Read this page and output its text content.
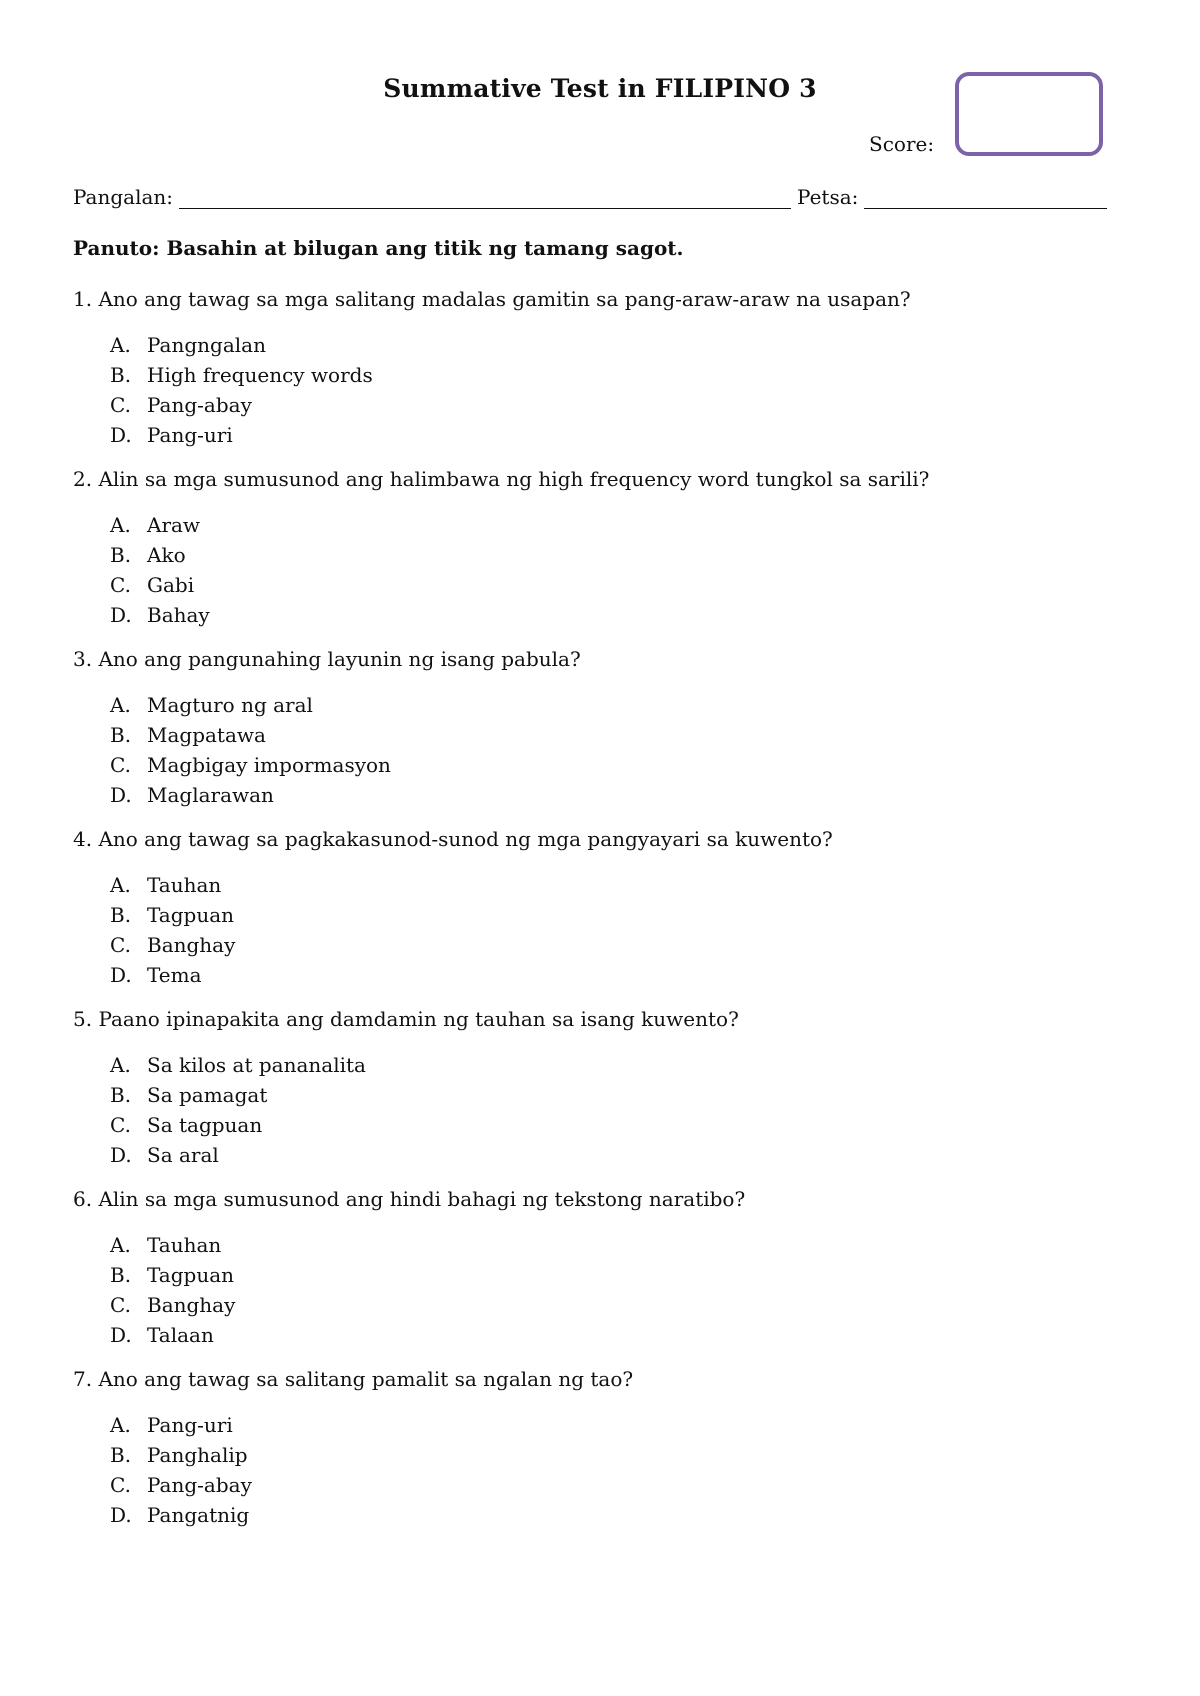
Summative Test in FILIPINO 3
Score:
Pangalan:	Petsa:
Panuto: Basahin at bilugan ang titik ng tamang sagot.
1. Ano ang tawag sa mga salitang madalas gamitin sa pang-araw-araw na usapan?
A. Pangngalan
B. High frequency words
C. Pang-abay
D. Pang-uri
2. Alin sa mga sumusunod ang halimbawa ng high frequency word tungkol sa sarili?
A. Araw
B. Ako
C. Gabi
D. Bahay
3. Ano ang pangunahing layunin ng isang pabula?
A. Magturo ng aral
B. Magpatawa
C. Magbigay impormasyon
D. Maglarawan
4. Ano ang tawag sa pagkakasunod-sunod ng mga pangyayari sa kuwento?
A. Tauhan
B. Tagpuan
C. Banghay
D. Tema
5. Paano ipinapakita ang damdamin ng tauhan sa isang kuwento?
A. Sa kilos at pananalita
B. Sa pamagat
C. Sa tagpuan
D. Sa aral
6. Alin sa mga sumusunod ang hindi bahagi ng tekstong naratibo?
A. Tauhan
B. Tagpuan
C. Banghay
D. Talaan
7. Ano ang tawag sa salitang pamalit sa ngalan ng tao?
A. Pang-uri
B. Panghalip
C. Pang-abay
D. Pangatnig
